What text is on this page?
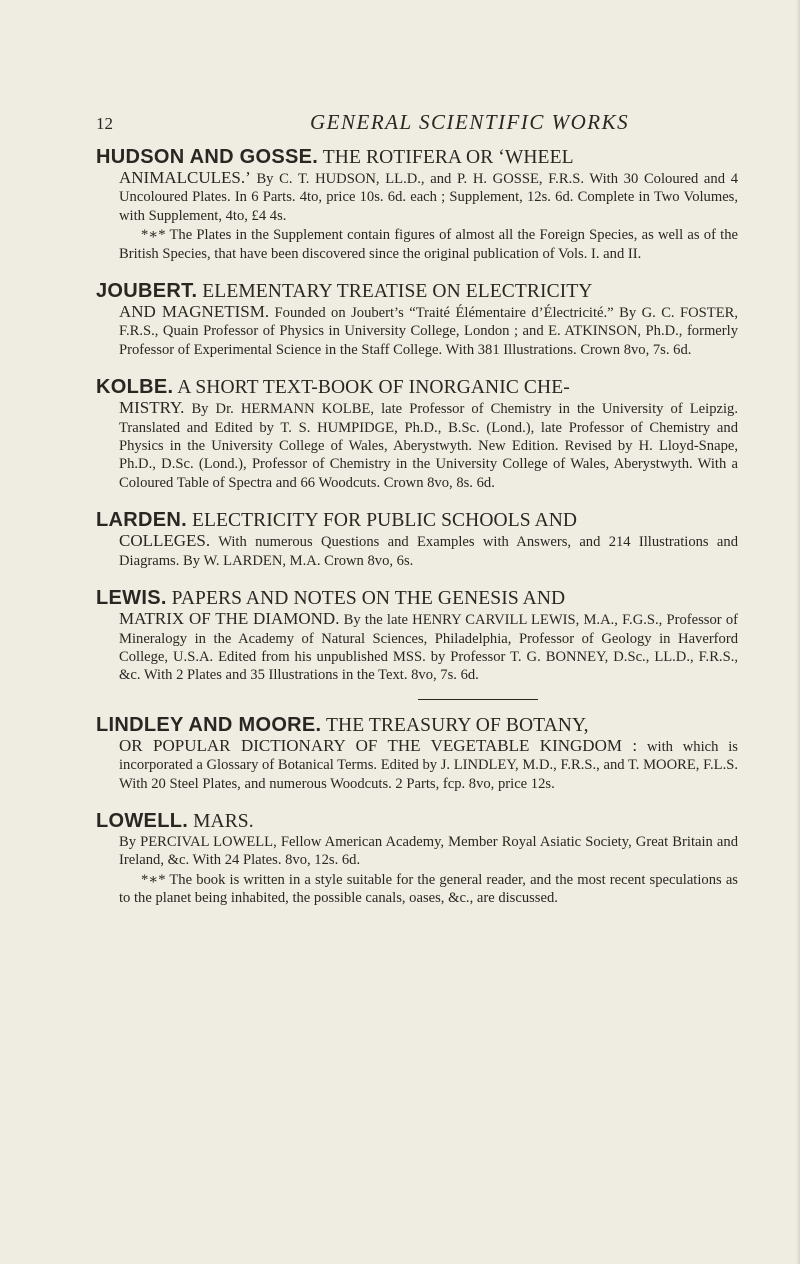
12	GENERAL SCIENTIFIC WORKS
HUDSON AND GOSSE. THE ROTIFERA OR ‘WHEEL
ANIMALCULES.’ By C. T. HUDSON, LL.D., and P. H. GOSSE, F.R.S. With 30 Coloured and 4 Uncoloured Plates. In 6 Parts. 4to, price 10s. 6d. each ; Supplement, 12s. 6d. Complete in Two Volumes, with Supplement, 4to, £4 4s.
*∗* The Plates in the Supplement contain figures of almost all the Foreign Species, as well as of the British Species, that have been discovered since the original publication of Vols. I. and II.
JOUBERT. ELEMENTARY TREATISE ON ELECTRICITY
AND MAGNETISM. Founded on Joubert’s “Traité Élémentaire d’Électricité.” By G. C. FOSTER, F.R.S., Quain Professor of Physics in University College, London ; and E. ATKINSON, Ph.D., formerly Professor of Experimental Science in the Staff College. With 381 Illustrations. Crown 8vo, 7s. 6d.
KOLBE. A SHORT TEXT-BOOK OF INORGANIC CHE-
MISTRY. By Dr. HERMANN KOLBE, late Professor of Chemistry in the University of Leipzig. Translated and Edited by T. S. HUMPIDGE, Ph.D., B.Sc. (Lond.), late Professor of Chemistry and Physics in the University College of Wales, Aberystwyth. New Edition. Revised by H. Lloyd-Snape, Ph.D., D.Sc. (Lond.), Professor of Chemistry in the University College of Wales, Aberystwyth. With a Coloured Table of Spectra and 66 Woodcuts. Crown 8vo, 8s. 6d.
LARDEN. ELECTRICITY FOR PUBLIC SCHOOLS AND
COLLEGES. With numerous Questions and Examples with Answers, and 214 Illustrations and Diagrams. By W. LARDEN, M.A. Crown 8vo, 6s.
LEWIS. PAPERS AND NOTES ON THE GENESIS AND
MATRIX OF THE DIAMOND. By the late HENRY CARVILL LEWIS, M.A., F.G.S., Professor of Mineralogy in the Academy of Natural Sciences, Philadelphia, Professor of Geology in Haverford College, U.S.A. Edited from his unpublished MSS. by Professor T. G. BONNEY, D.Sc., LL.D., F.R.S., &c. With 2 Plates and 35 Illustrations in the Text. 8vo, 7s. 6d.
LINDLEY AND MOORE. THE TREASURY OF BOTANY,
OR POPULAR DICTIONARY OF THE VEGETABLE KINGDOM : with which is incorporated a Glossary of Botanical Terms. Edited by J. LINDLEY, M.D., F.R.S., and T. MOORE, F.L.S. With 20 Steel Plates, and numerous Woodcuts. 2 Parts, fcp. 8vo, price 12s.
LOWELL. MARS.
By PERCIVAL LOWELL, Fellow American Academy, Member Royal Asiatic Society, Great Britain and Ireland, &c. With 24 Plates. 8vo, 12s. 6d.
*∗* The book is written in a style suitable for the general reader, and the most recent speculations as to the planet being inhabited, the possible canals, oases, &c., are discussed.
